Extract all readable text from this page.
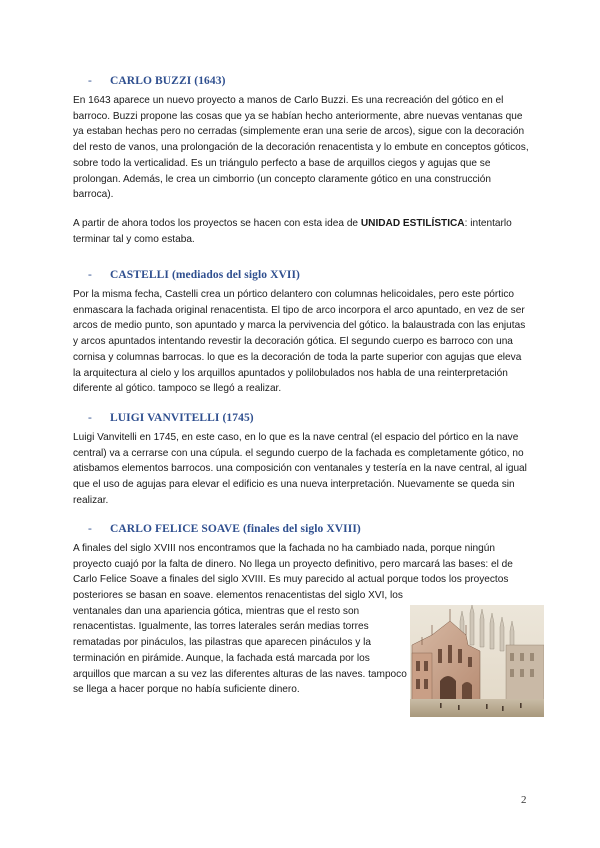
- CARLO BUZZI (1643)

En 1643 aparece un nuevo proyecto a manos de Carlo Buzzi. Es una recreación del gótico en el barroco. Buzzi propone las cosas que ya se habían hecho anteriormente, abre nuevas ventanas que ya estaban hechas pero no cerradas (simplemente eran una serie de arcos), sigue con la decoración del resto de vanos, una prolongación de la decoración renacentista y lo embute en conceptos góticos, sobre todo la verticalidad. Es un triángulo perfecto a base de arquillos ciegos y agujas que se prolongan. Además, le crea un cimborrio (un concepto claramente gótico en una construcción barroca).

A partir de ahora todos los proyectos se hacen con esta idea de UNIDAD ESTILÍSTICA: intentarlo terminar tal y como estaba.

- CASTELLI (mediados del siglo XVII)

Por la misma fecha, Castelli crea un pórtico delantero con columnas helicoidales, pero este pórtico enmascara la fachada original renacentista. El tipo de arco incorpora el arco apuntado, en vez de ser arcos de medio punto, son apuntado y marca la pervivencia del gótico. la balaustrada con las enjutas y arcos apuntados intentando revestir la decoración gótica. El segundo cuerpo es barroco con una cornisa y columnas barrocas. lo que es la decoración de toda la parte superior con agujas que eleva la arquitectura al cielo y los arquillos apuntados y polilobulados nos habla de una reinterpretación diferente al gótico. tampoco se llegó a realizar.

- LUIGI VANVITELLI (1745)

Luigi Vanvitelli en 1745, en este caso, en lo que es la nave central (el espacio del pórtico en la nave central) va a cerrarse con una cúpula. el segundo cuerpo de la fachada es completamente gótico, no atisbamos elementos barrocos. una composición con ventanales y testería en la nave central, al igual que el uso de agujas para elevar el edificio es una nueva interpretación. Nuevamente se queda sin realizar.

- CARLO FELICE SOAVE (finales del siglo XVIII)

A finales del siglo XVIII nos encontramos que la fachada no ha cambiado nada, porque ningún proyecto cuajó por la falta de dinero. No llega un proyecto definitivo, pero marcará las bases: el de Carlo Felice Soave a finales del siglo XVIII. Es muy parecido al actual porque todos los proyectos

posteriores se basan en soave. elementos renacentistas del siglo XVI, los ventanales dan una apariencia gótica, mientras que el resto son renacentistas. Igualmente, las torres laterales serán medias torres rematadas por pináculos, las pilastras que aparecen pináculos y la terminación en pirámide. Aunque, la fachada está marcada por los arquillos que marcan a su vez las diferentes alturas de las naves. tampoco se llega a hacer porque no había suficiente dinero.

2
